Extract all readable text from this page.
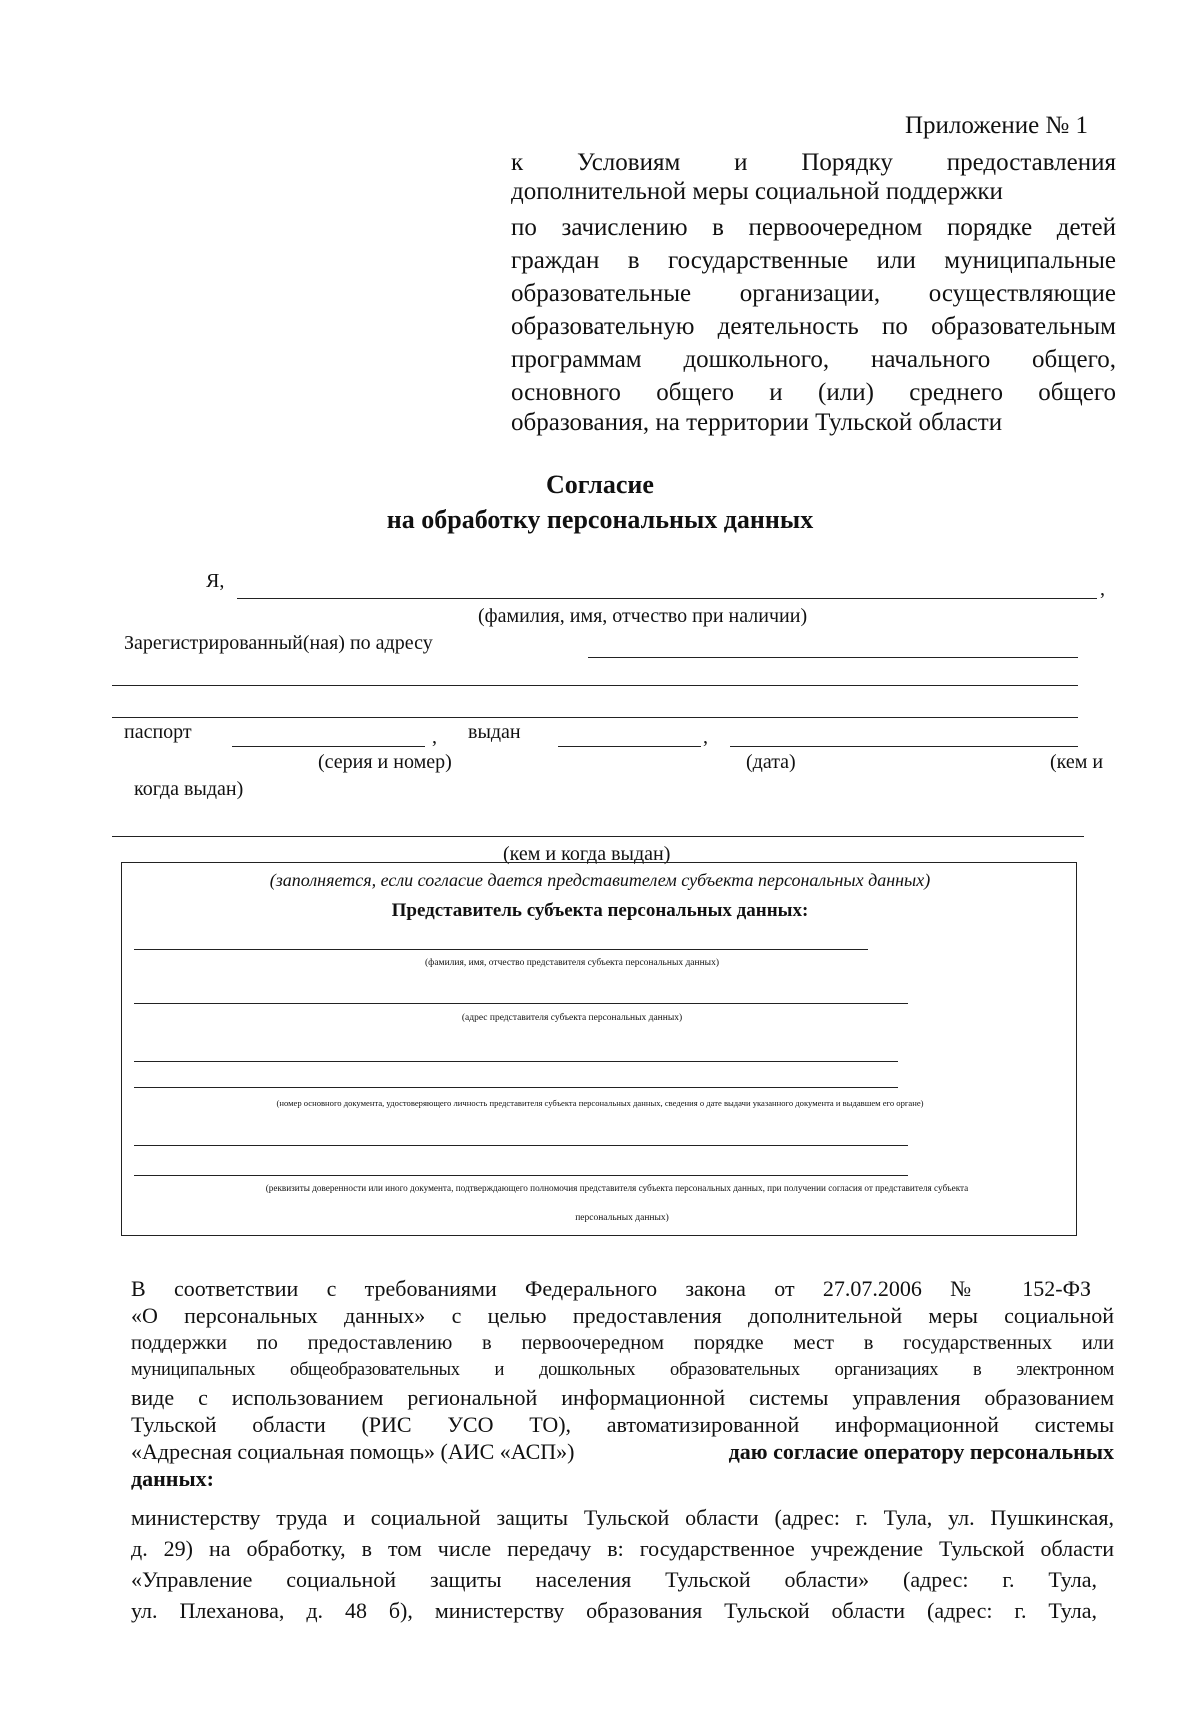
Приложение № 1
к Условиям и Порядку предоставления
дополнительной меры социальной поддержки
по зачислению в первоочередном порядке детей
граждан в государственные или муниципальные
образовательные организации, осуществляющие
образовательную деятельность по образовательным
программам дошкольного, начального общего,
основного общего и (или) среднего общего
образования, на территории Тульской области
Согласие
на обработку персональных данных
Я,	,
(фамилия, имя, отчество при наличии)
Зарегистрированный(ная) по адресу
паспорт	, выдан	,
(серия и номер)	(дата)	(кем и
когда выдан)
(кем и когда выдан)
(заполняется, если согласие дается представителем субъекта персональных данных)
Представитель субъекта персональных данных:
(фамилия, имя, отчество представителя субъекта персональных данных)
(адрес представителя субъекта персональных данных)
(номер основного документа, удостоверяющего личность представителя субъекта персональных данных, сведения о дате выдачи указанного документа и выдавшем его органе)
(реквизиты доверенности или иного документа, подтверждающего полномочия представителя субъекта персональных данных, при получении согласия от представителя субъекта
персональных данных)
В соответствии с требованиями Федерального закона от 27.07.2006 № 152-ФЗ
«О персональных данных» с целью предоставления дополнительной меры социальной
поддержки по предоставлению в первоочередном порядке мест в государственных или
муниципальных общеобразовательных и дошкольных образовательных организациях в электронном
виде с использованием региональной информационной системы управления образованием
Тульской области (РИС УСО ТО), автоматизированной информационной системы
«Адресная социальная помощь» (АИС «АСП»)	даю согласие оператору персональных
данных:
министерству труда и социальной защиты Тульской области (адрес: г. Тула, ул. Пушкинская,
д. 29) на обработку, в том числе передачу в: государственное учреждение Тульской области
«Управление социальной защиты населения Тульской области» (адрес: г. Тула,
ул. Плеханова, д. 48 б), министерству образования Тульской области (адрес: г. Тула,
